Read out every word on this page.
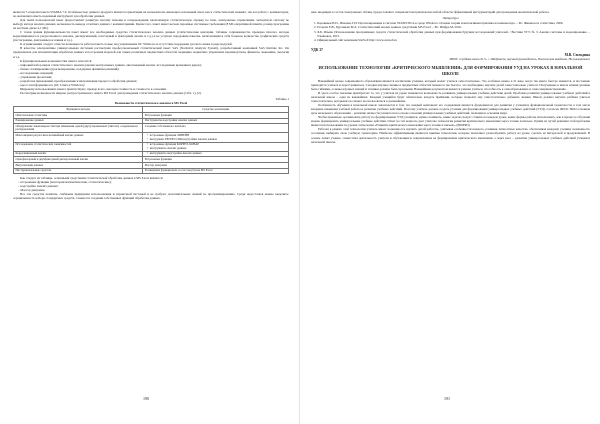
является 7-я версия пакета STADIA 7.0. Особенностью данного продукта является ориентация на пользователя, имеющего начальный опыт, как в статистических знаниях, так и в работе с компьютером, но желающего иметь надежный инструмент для обработки данных.

Для таких пользователей пакет предоставляет развитую систему помощи и сопровождения, включающую статистическую справку по теме, электронные справочники, экспертную систему по выбору метода анализа данных, возможность вывода отчетных данных с комментариями. Кроме того, пакет имеет весьма скромные системные требования (8 Mb оперативной памяти, размер программы на жестком диске 4,1 Mb).

С точки зрения функциональности пакет имеет все необходимые средства статистического анализа данных (статистические критерии, таблицы сопряженности, проверка гипотез, методы корреляционного и регрессионного анализа, дисперсионный, кластерный и факторный анализ и т.д.) и не уступает передовым пакетам, включающим в себя большое количество графических средств (гистограммы, диаграммы рассеяния и т.д.).

К ограничениям следует отнести возможность работы пакета только под управлением ОС Windows и отсутствие поддержки русского языка в ряде модулей.

В качестве альтернативы универсальным системам рассмотрим профессиональный статистический пакет SAS (Statistical Analysis System), разработанный компанией SAS Institute Inc. Он предназначен для автоматизации обработки данных и построения моделей для самых различных предметных областей: медицина, маркетинг, управление производством, финансы, экономика, экология и т.д.

К функциональным возможностям пакета относятся:

– широкий набор видов статистического анализа (анализ контрольных данных, многомерный анализ, исследование временных рядов);
– бизнес-планирование (прогнозирование, поддержка принятия решений);
– исследование операций;
– управление проектами;
– разработка приложений, преобразование и визуализация процесса обработки данных;
– кросс-платформенность (ОС Linux и Windows).

Широкому использованию пакета препятствуют, прежде всего, высокая стоимость и сложность в освоении.

Рассмотрим возможности широко распространенного пакета MS Excel для проведения статистического анализа данных (табл. 1), [2].

Таблица 1
Возможности статистического анализа в MS Excel
Функция и методы	Средство реализации
Описательная статистика	Встроенные функции
Ранжирование данных	Инструменты надстройки Анализ данных
Обнаружение закономерностей при изменении одной (двух) переменных (гипотез) о нормальном распределении	Создание собственного шаблона
Многомерная регрессия и нелинейный анализ данных	• встроенные функции ЛИНЕЙН
• инструмент РЕГРЕССИЯ надстройки Анализ данных

Исследование статистических зависимостей	• встроенные функции КОРРЕЛ, КОВАР
• инструменты Анализ данных

Корреляционный анализ	• инструменты надстройки Анализ данных

Однофакторный и двухфакторный дисперсионный анализ	Встроенные функции
Визуализация данных	Мастер диаграмм
Инструментальные средства	Расширение функционала за счет надстроек MS Excel

Как следует из таблицы, основными средствами статистической обработки данных в MS Excel являются:

– встроенные функции (категории математические, статистические);
– надстройка Анализ данных;
– Мастер диаграмм.

Все эти средства понятны, снабжены примерами использования и справочной системой и не требуют дополнительных знаний по программированию. Среди недостатков можно выделить: ограниченность набора стандартных средств, сложность создания собственных функций обработки данных.

190

ных, вводящих в состав электронных таблиц, предоставляют специалистам практически любой области эффективный инструментарий для проведения аналитической работы.

Литература
1. Боровиков В.П., Ивченко Г.И. Прогнозирование в системе STATISTICA в среде Windows. Основы теории и интенсивная практика на компьютере. – М.: Финансы и статистика, 2006.
2. Егорова Е.В., Бурлакова М.А. Статистический анализ данных средствами MS Excel. – М.: Инфра-М, 2016.
3. Б.Б. Ильин. Использование программных средств статистической обработки данных при формировании будущих исследований учителей. / Вестник УГУ. № 3. Анализ системы и моделирование. – Ульяновск, 2015.
4. Официальный сайт компании StatSoft http://www.statsoft.ru
УДК 37
М.В. Сюльдина
МБОУ «Средняя школа № 5» г. Шадринска, научный руководитель, Поволжская академия, Нижневартовск
ИСПОЛЬЗОВАНИЕ ТЕХНОЛОГИИ «КРИТИЧЕСКОГО МЫШЛЕНИЯ» ДЛЯ ФОРМИРОВАНИЯ УУД НА УРОКАХ В НАЧАЛЬНОЙ ШКОЛЕ

Важнейшей целью современного образования является воспитание ученика, который может учиться самостоятельно. Это особенно важно в 21 веке, когда так много быстро меняется, и постоянно приходится учиться и перестраиваться. Сегодня научное знание в предметных областях меняется так быстро, что необходимо научить детей самостоятельно учиться. Полученные в школе знания должны быть гибкими, основы научных знаний и техники должны быть прочными. Важнейшим результатом является умение учиться, способность к самообразованию и самосовершенствованию.

И здесь особое значение приобретает то, что у учителя на уроке появляется возможность развивать универсальные учебные действия детей. Проблема развития универсальных учебных действий в начальной школе – одна из важнейших. Каждый учащийся будет обязательно владеть приёмами, которые позволят ему самостоятельно добывать знания. Школа должна научить ребёнка учиться самостоятельно, которыми он сможет воспользоваться в дальнейшем.

Особенность обучения в начальной школе заключается в том, что каждый компонент его содержания является фундаментом для развития у учащихся функциональной грамотности, в том числе владение навыками учебной работы и развитие учебных действий. Поэтому учитель должен создать условия для формирования универсальных учебных действий (УУД). Согласно ФГОС НОО основная цель начального образования – развитие личности учащегося на основе освоения универсальных учебных действий, познания и освоения мира.

Чтобы правильно организовать работу по формированию УУД учащихся, нужно понимать, какие задачи следует ставить на каждом уроке, какие формы работы использовать, как в процессе обучения можно формировать универсальные учебные действия. Ответ на эти вопросы дает учителю технология развития критического мышления через чтение и письмо. Одним из путей решения этой проблемы является использование на уроках технологии «Развитие критического мышления через чтение и письмо» (РКМЧП).

Работая в рамках этой технологии учитель имеет возможность научить детей работать, учитывая особенности каждого, развивая личностные качества, обеспечивая каждому ученику возможность осознанно выбирать свою учебную траекторию. Наиболее эффективными являются приёмы технологии, которые позволяют разнообразить работу на уроке, сделать её интересной и продуктивной. В основе лежит учение, совместная деятельность учителя и обучающихся, направленная на формирование критического мышления, а через него – развитие универсальных учебных действий учащихся начальной школы.

191
